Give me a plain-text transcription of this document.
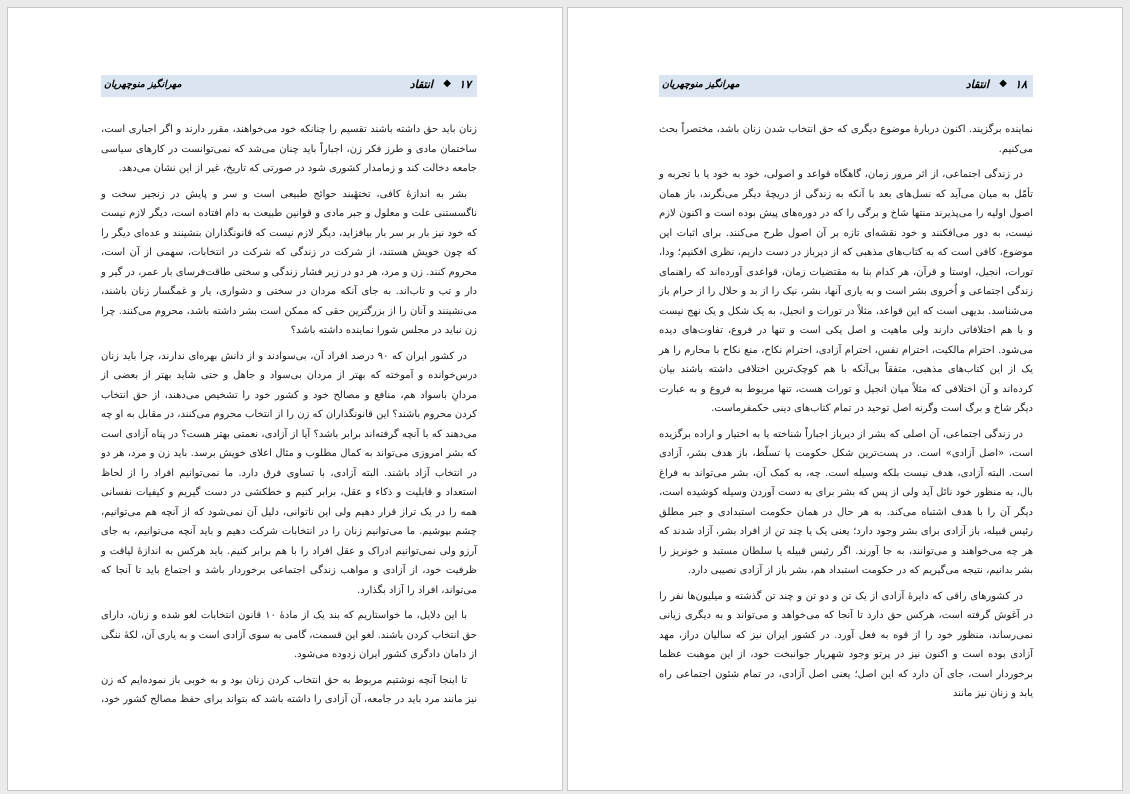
۱۷
◆
انتقاد
مهرانگیز منوچهریان

زنان باید حق داشته باشند تقسیم را چنانکه خود می‌خواهند، مقرر دارند و اگر اجباری است، ساختمان مادی و طرز فکر زن، اجباراً باید چنان می‌شد که نمی‌توانست در کارهای سیاسی جامعه دخالت کند و زمامدار کشوری شود در صورتی که تاریخ، غیر از این نشان می‌دهد.

بشر به اندازهٔ کافی، تختهٔبند حوائج طبیعی است و سر و پایش در زنجیر سخت و ناگسستنی علت و معلول و جبر مادی و قوانین طبیعت به دام افتاده است، دیگر لازم نیست که خود نیز بار بر سر بار بیافزاید، دیگر لازم نیست که قانونگذاران بنشینند و عده‌ای دیگر را که چون خویش هستند، از شرکت در زندگی که شرکت در انتخابات، سهمی از آن است، محروم کنند. زن و مرد، هر دو در زیر فشار زندگی و سختی طاقت‌فرسای بار عمر، در گیر و دار و تب و تاب‌اند. به جای آنکه مردان در سختی و دشواری، یار و غمگسار زنان باشند، می‌نشینند و آنان را از بزرگترین حقی که ممکن است بشر داشته باشد، محروم می‌کنند. چرا زن نباید در مجلس شورا نماینده داشته باشد؟

در کشور ایران که ۹۰ درصد افراد آن، بی‌سوادند و از دانش بهره‌ای ندارند، چرا باید زنان درس‌خوانده و آموخته که بهتر از مردان بی‌سواد و جاهل و حتی شاید بهتر از بعضی از مردانِ باسواد هم، منافع و مصالح خود و کشور خود را تشخیص می‌دهند، از حق انتخاب کردن محروم باشند؟ این قانونگذاران که زن را از انتخاب محروم می‌کنند، در مقابل به او چه می‌دهند که با آنچه گرفته‌اند برابر باشد؟ آیا از آزادی، نعمتی بهتر هست؟ در پناه آزادی است که بشر امروزی می‌تواند به کمال مطلوب و مثال اعلای خویش برسد. باید زن و مرد، هر دو در انتخاب آزاد باشند. البته آزادی، با تساوی فرق دارد. ما نمی‌توانیم افراد را از لحاظ استعداد و قابلیت و ذکاء و عقل، برابر کنیم و خطکشی در دست گیریم و کیفیات نفسانی همه را در یک تراز قرار دهیم ولی این ناتوانی، دلیل آن نمی‌شود که از آنچه هم می‌توانیم، چشم بپوشیم. ما می‌توانیم زنان را در انتخابات شرکت دهیم و باید آنچه می‌توانیم، به جای آرزو ولی نمی‌توانیم ادراک و عقل افراد را با هم برابر کنیم. باید هرکس به اندازهٔ لیاقت و ظرفیت خود، از آزادی و مواهب زندگی اجتماعی برخوردار باشد و اجتماع باید تا آنجا که می‌تواند، افراد را آزاد بگذارد.

با این دلایل، ما خواستاریم که بند یک از مادهٔ ۱۰ قانون انتخابات لغو شده و زنان، دارای حق انتخاب کردن باشند. لغو این قسمت، گامی به سوی آزادی است و به یاری آن، لکهٔ ننگی از دامان دادگری کشور ایران زدوده می‌شود.

تا اینجا آنچه نوشتیم مربوط به حق انتخاب کردن زنان بود و به خوبی باز نموده‌ایم که زن نیز مانند مرد باید در جامعه، آن آزادی را داشته باشد که بتواند برای حفظ مصالح کشور خود،

۱۸
◆
انتقاد
مهرانگیز منوچهریان

نماینده برگزیند. اکنون دربارهٔ موضوع دیگری که حق انتخاب شدن زنان باشد، مختصراً بحث می‌کنیم.

در زندگی اجتماعی، از اثر مرور زمان، گاهگاه قواعد و اصولی، خود به خود یا با تجربه و تأمّل به میان می‌آید که نسل‌های بعد با آنکه به زندگی از دریچهٔ دیگر می‌نگرند، باز همان اصول اولیه را می‌پذیرند منتها شاخ و برگی را که در دوره‌های پیش بوده است و اکنون لازم نیست، به دور می‌افکنند و خود نقشه‌ای تازه بر آن اصول طرح می‌کنند. برای اثبات این موضوع، کافی است که به کتاب‌های مذهبی که از دیرباز در دست داریم، نظری افکنیم؛ ودا، تورات، انجیل، اوستا و قرآن، هر کدام بنا به مقتضیات زمان، قواعدی آورده‌اند که راهنمای زندگی اجتماعی و اُخروی بشر است و به یاری آنها، بشر، نیک را از بد و حلال را از حرام باز می‌شناسد. بدیهی است که این قواعد، مثلاً در تورات و انجیل، به یک شکل و یک نهج نیست و با هم اختلافاتی دارند ولی ماهیت و اصل یکی است و تنها در فروع، تفاوت‌های دیده می‌شود. احترام مالکیت، احترام نفس، احترام آزادی، احترام نکاح، منع نکاح با محارم را هر یک از این کتاب‌های مذهبی، متفقاً بی‌آنکه با هم کوچک‌ترین اختلافی داشته باشند بیان کرده‌اند و آن اختلافی که مثلاً میان انجیل و تورات هست، تنها مربوط به فروع و به عبارت دیگر شاخ و برگ است وگرنه اصل توحید در تمام کتاب‌های دینی حکمفرماست.

در زندگی اجتماعی، آن اصلی که بشر از دیرباز اجباراً شناخته یا به اختیار و اراده برگزیده است، «اصل آزادی» است. در پست‌ترین شکل حکومت یا تسلّط، باز هدف بشر، آزادی است. البته آزادی، هدف نیست بلکه وسیله است. چه، به کمک آن، بشر می‌تواند به فراغ بال، به منظور خود نائل آید ولی از پس که بشر برای به دست آوردن وسیله کوشیده است، دیگر آن را با هدف اشتباه می‌کند. به هر حال در همان حکومت استبدادی و جبر مطلق رئیس قبیله، باز آزادی برای بشر وجود دارد؛ یعنی یک یا چند تن از افراد بشر، آزاد شدند که هر چه می‌خواهند و می‌توانند، به جا آورند. اگر رئیس قبیله یا سلطان مستبد و خونریز را بشر بدانیم، نتیجه می‌گیریم که در حکومت استبداد هم، بشر باز از آزادی نصیبی دارد.

در کشورهای راقی که دایرهٔ آزادی از یک تن و دو تن و چند تن گذشته و میلیون‌ها نفر را در آغوش گرفته است، هرکس حق دارد تا آنجا که می‌خواهد و می‌تواند و به دیگری زیانی نمی‌رساند، منظور خود را از قوه به فعل آورد. در کشور ایران نیز که سالیان دراز، مهد آزادی بوده است و اکنون نیز در پرتو وجود شهریار جوانبخت خود، از این موهبت عظما برخوردار است، جای آن دارد که این اصل؛ یعنی اصل آزادی، در تمام شئون اجتماعی راه یابد و زنان نیز مانند
